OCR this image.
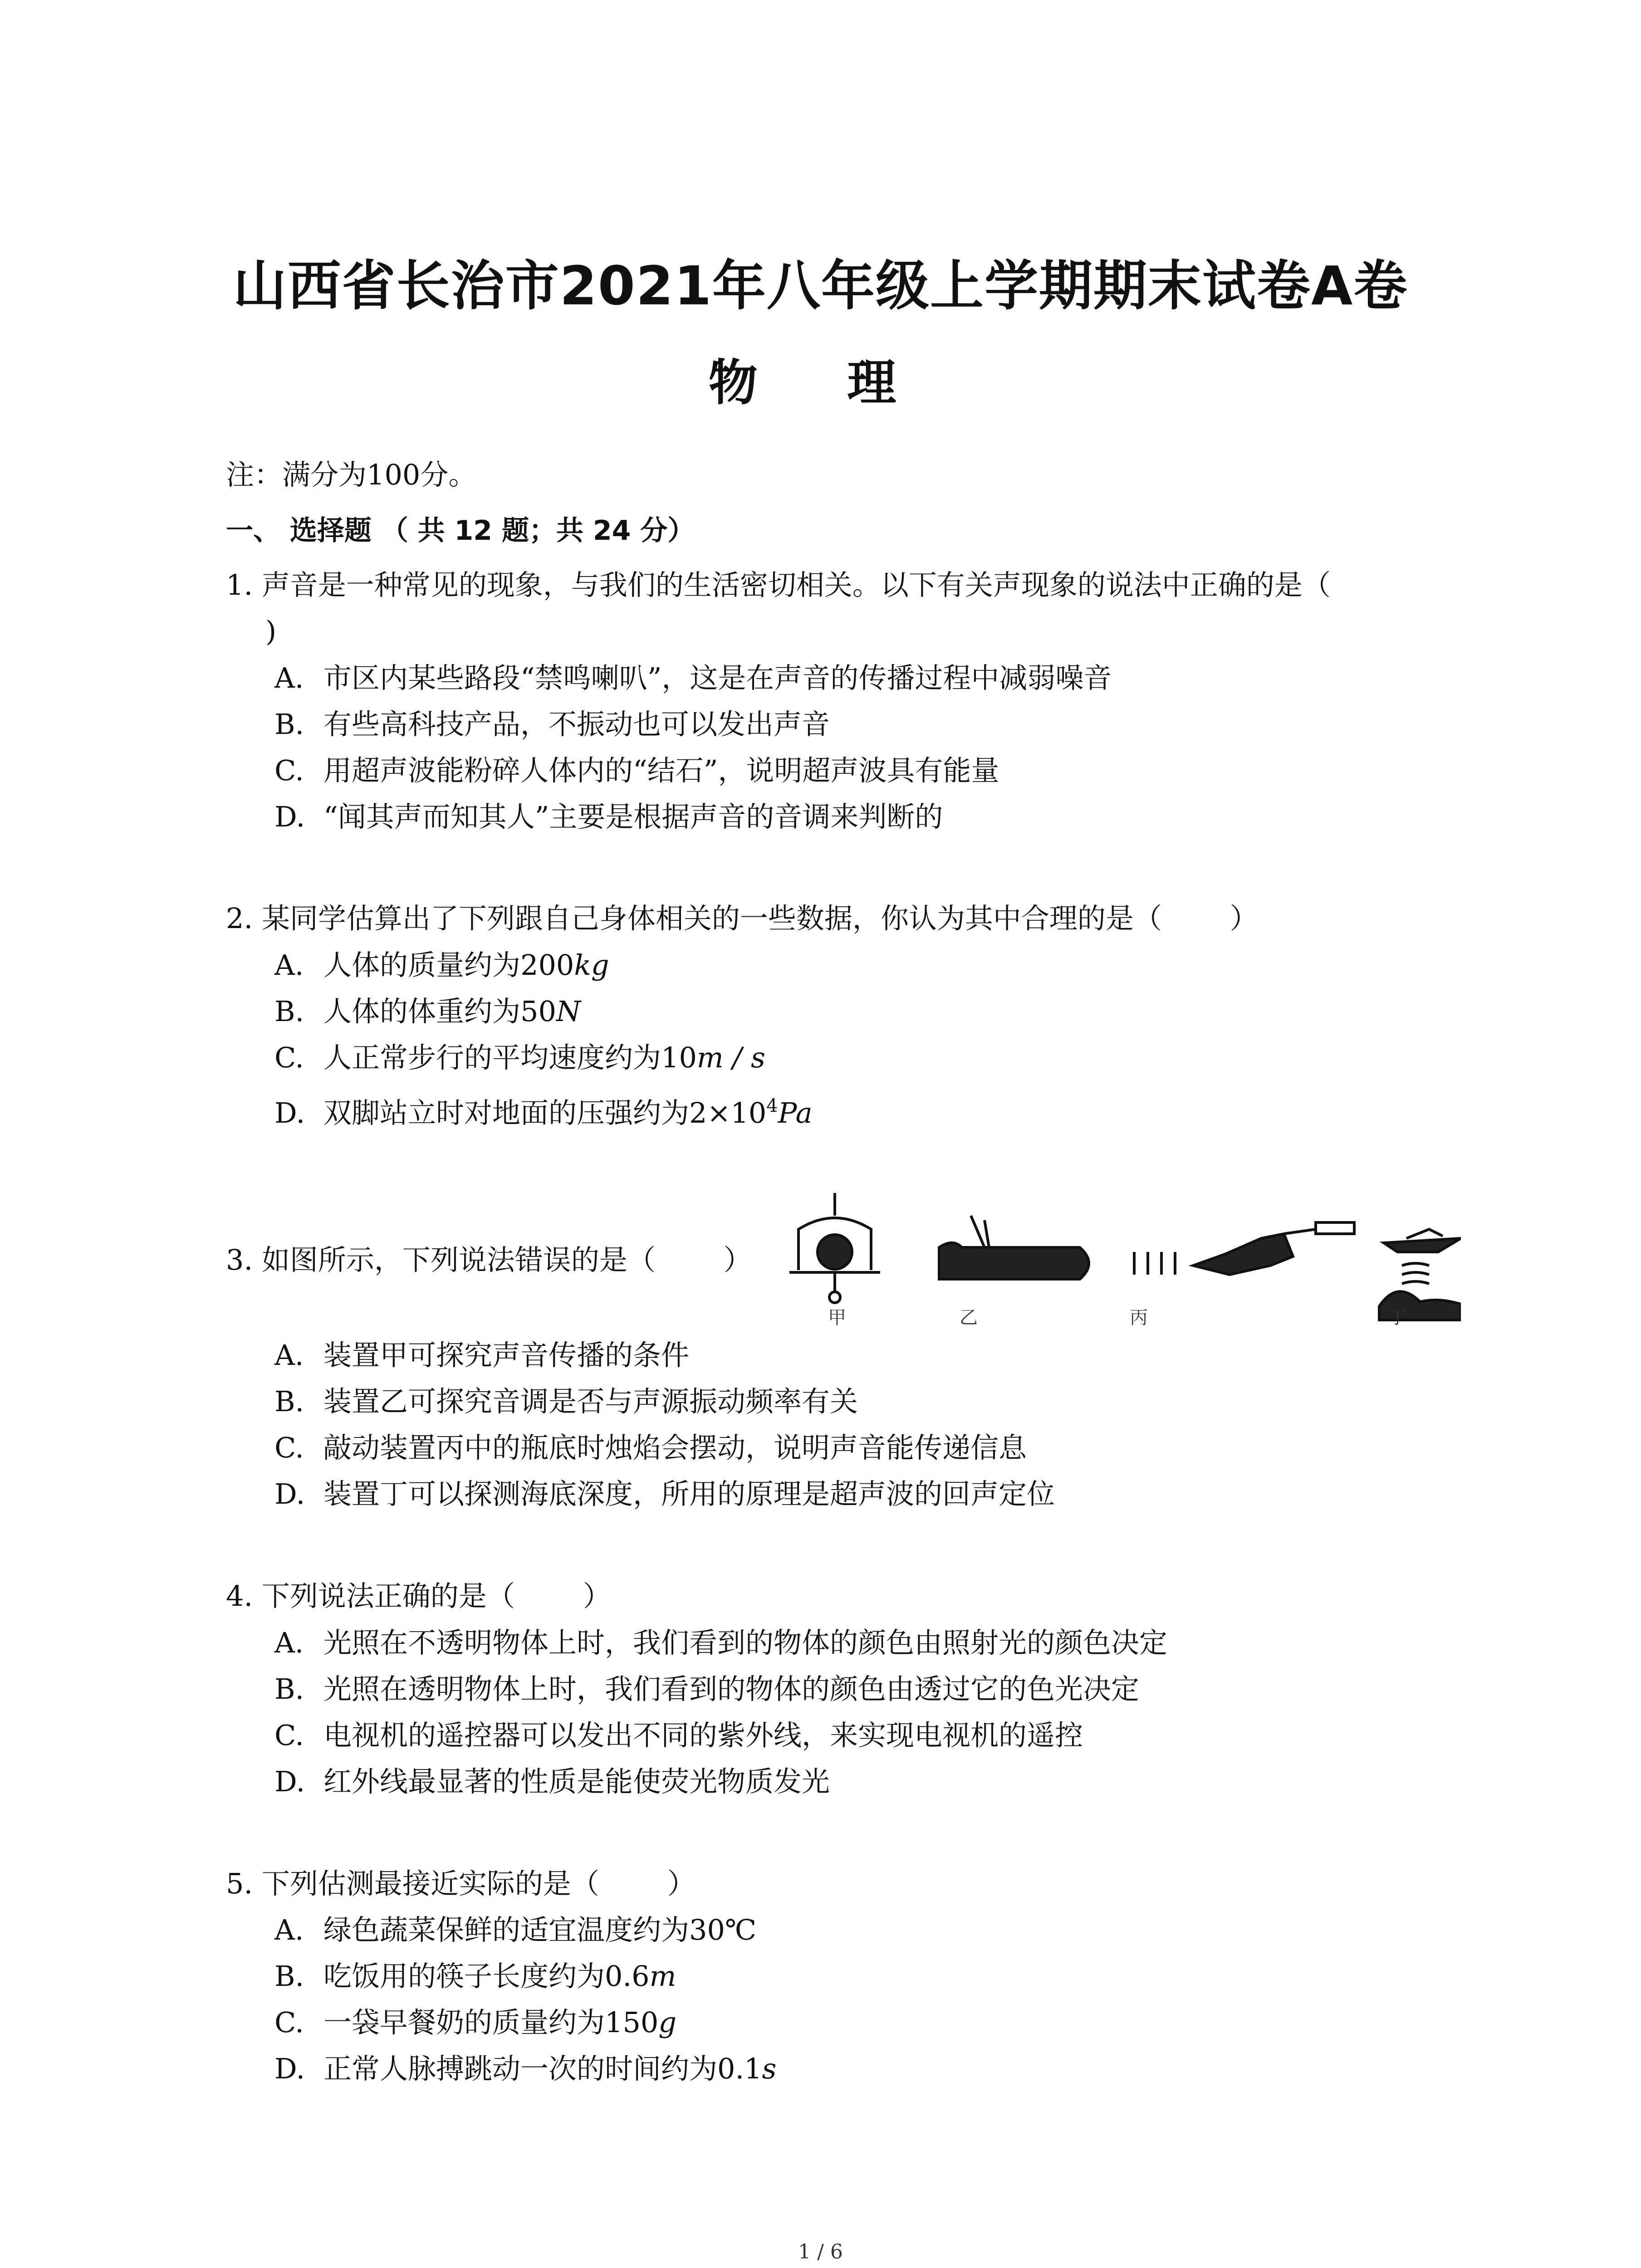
山西省长治市2021年八年级上学期期末试卷A卷
物 理
注：满分为100分。
一、 选择题 （ 共 12 题；共 24 分）
1. 声音是一种常见的现象，与我们的生活密切相关。以下有关声现象的说法中正确的是（
)
A. 市区内某些路段“禁鸣喇叭”，这是在声音的传播过程中减弱噪音
B. 有些高科技产品，不振动也可以发出声音
C. 用超声波能粉碎人体内的“结石”，说明超声波具有能量
D. “闻其声而知其人”主要是根据声音的音调来判断的
2. 某同学估算出了下列跟自己身体相关的一些数据，你认为其中合理的是（ ）
A. 人体的质量约为200kg
B. 人体的体重约为50N
C. 人正常步行的平均速度约为10m / s
D. 双脚站立时对地面的压强约为$2\times 10^4Pa$
3. 如图所示，下列说法错误的是（ ）
甲	乙	丙	丁
A. 装置甲可探究声音传播的条件
B. 装置乙可探究音调是否与声源振动频率有关
C. 敲动装置丙中的瓶底时烛焰会摆动，说明声音能传递信息
D. 装置丁可以探测海底深度，所用的原理是超声波的回声定位
4. 下列说法正确的是（ ）
A. 光照在不透明物体上时，我们看到的物体的颜色由照射光的颜色决定
B. 光照在透明物体上时，我们看到的物体的颜色由透过它的色光决定
C. 电视机的遥控器可以发出不同的紫外线，来实现电视机的遥控
D. 红外线最显著的性质是能使荧光物质发光
5. 下列估测最接近实际的是（ ）
A. 绿色蔬菜保鲜的适宜温度约为30℃
B. 吃饭用的筷子长度约为0.6m
C. 一袋早餐奶的质量约为150g
D. 正常人脉搏跳动一次的时间约为0.1s
1 / 6
